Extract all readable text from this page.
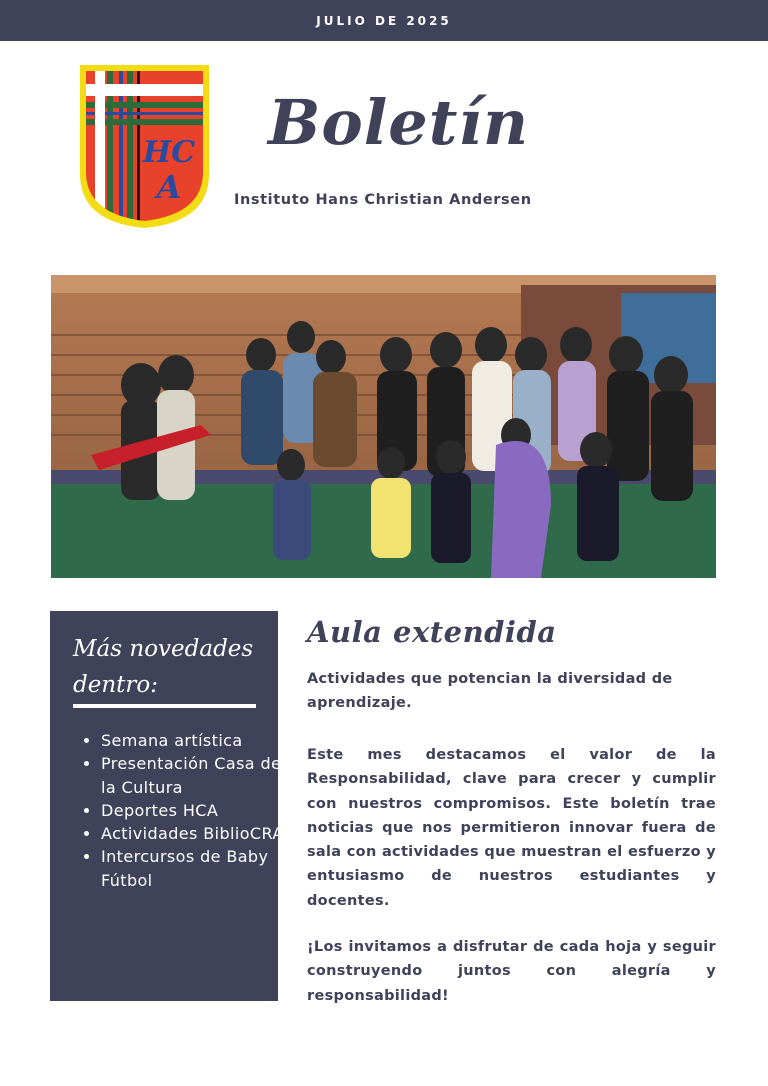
JULIO DE 2025
HC
A
Boletín
Instituto Hans Christian Andersen
Más novedades dentro:
• Semana artística
• Presentación Casa de la Cultura
• Deportes HCA
• Actividades BiblioCRA
• Intercursos de Baby Fútbol
Aula extendida

Actividades que potencian la diversidad de aprendizaje.

Este mes destacamos el valor de la Responsabilidad, clave para crecer y cumplir con nuestros compromisos. Este boletín trae noticias que nos permitieron innovar fuera de sala con actividades que muestran el esfuerzo y entusiasmo de nuestros estudiantes y docentes.

¡Los invitamos a disfrutar de cada hoja y seguir construyendo juntos con alegría y responsabilidad!
